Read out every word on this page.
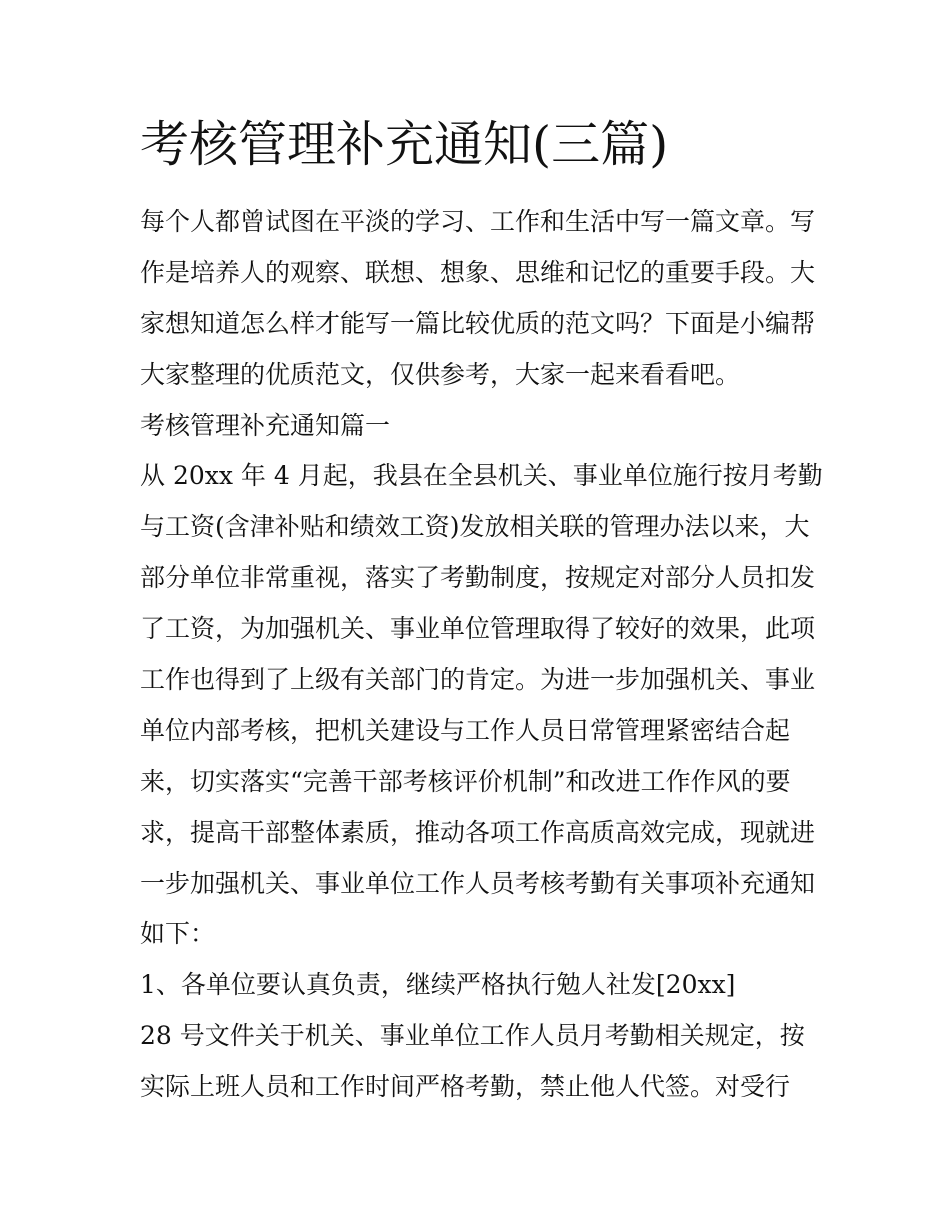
考核管理补充通知(三篇)
每个人都曾试图在平淡的学习、工作和生活中写一篇文章。写
作是培养人的观察、联想、想象、思维和记忆的重要手段。大
家想知道怎么样才能写一篇比较优质的范文吗？下面是小编帮
大家整理的优质范文，仅供参考，大家一起来看看吧。
考核管理补充通知篇一
从 20xx 年 4 月起，我县在全县机关、事业单位施行按月考勤
与工资(含津补贴和绩效工资)发放相关联的管理办法以来，大
部分单位非常重视，落实了考勤制度，按规定对部分人员扣发
了工资，为加强机关、事业单位管理取得了较好的效果，此项
工作也得到了上级有关部门的肯定。为进一步加强机关、事业
单位内部考核，把机关建设与工作人员日常管理紧密结合起
来，切实落实“完善干部考核评价机制”和改进工作作风的要
求，提高干部整体素质，推动各项工作高质高效完成，现就进
一步加强机关、事业单位工作人员考核考勤有关事项补充通知
如下：
1、各单位要认真负责，继续严格执行勉人社发[20xx]
28 号文件关于机关、事业单位工作人员月考勤相关规定，按
实际上班人员和工作时间严格考勤，禁止他人代签。对受行
